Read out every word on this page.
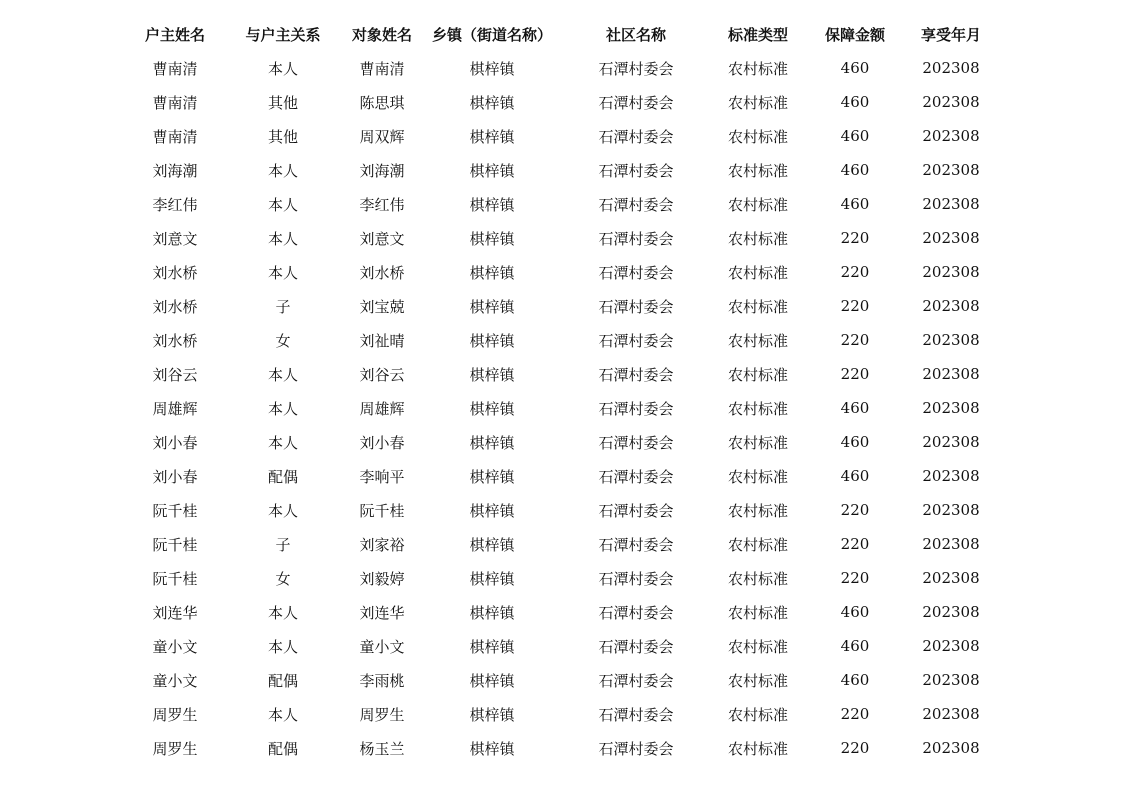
户主姓名	与户主关系	对象姓名	乡镇（街道名称）	社区名称	标准类型	保障金额	享受年月
曹南清	本人	曹南清	棋梓镇	石潭村委会	农村标准	460	202308
曹南清	其他	陈思琪	棋梓镇	石潭村委会	农村标准	460	202308
曹南清	其他	周双辉	棋梓镇	石潭村委会	农村标准	460	202308
刘海潮	本人	刘海潮	棋梓镇	石潭村委会	农村标准	460	202308
李红伟	本人	李红伟	棋梓镇	石潭村委会	农村标准	460	202308
刘意文	本人	刘意文	棋梓镇	石潭村委会	农村标准	220	202308
刘水桥	本人	刘水桥	棋梓镇	石潭村委会	农村标准	220	202308
刘水桥	子	刘宝兢	棋梓镇	石潭村委会	农村标准	220	202308
刘水桥	女	刘祉晴	棋梓镇	石潭村委会	农村标准	220	202308
刘谷云	本人	刘谷云	棋梓镇	石潭村委会	农村标准	220	202308
周雄辉	本人	周雄辉	棋梓镇	石潭村委会	农村标准	460	202308
刘小春	本人	刘小春	棋梓镇	石潭村委会	农村标准	460	202308
刘小春	配偶	李响平	棋梓镇	石潭村委会	农村标准	460	202308
阮千桂	本人	阮千桂	棋梓镇	石潭村委会	农村标准	220	202308
阮千桂	子	刘家裕	棋梓镇	石潭村委会	农村标准	220	202308
阮千桂	女	刘毅婷	棋梓镇	石潭村委会	农村标准	220	202308
刘连华	本人	刘连华	棋梓镇	石潭村委会	农村标准	460	202308
童小文	本人	童小文	棋梓镇	石潭村委会	农村标准	460	202308
童小文	配偶	李雨桃	棋梓镇	石潭村委会	农村标准	460	202308
周罗生	本人	周罗生	棋梓镇	石潭村委会	农村标准	220	202308
周罗生	配偶	杨玉兰	棋梓镇	石潭村委会	农村标准	220	202308
